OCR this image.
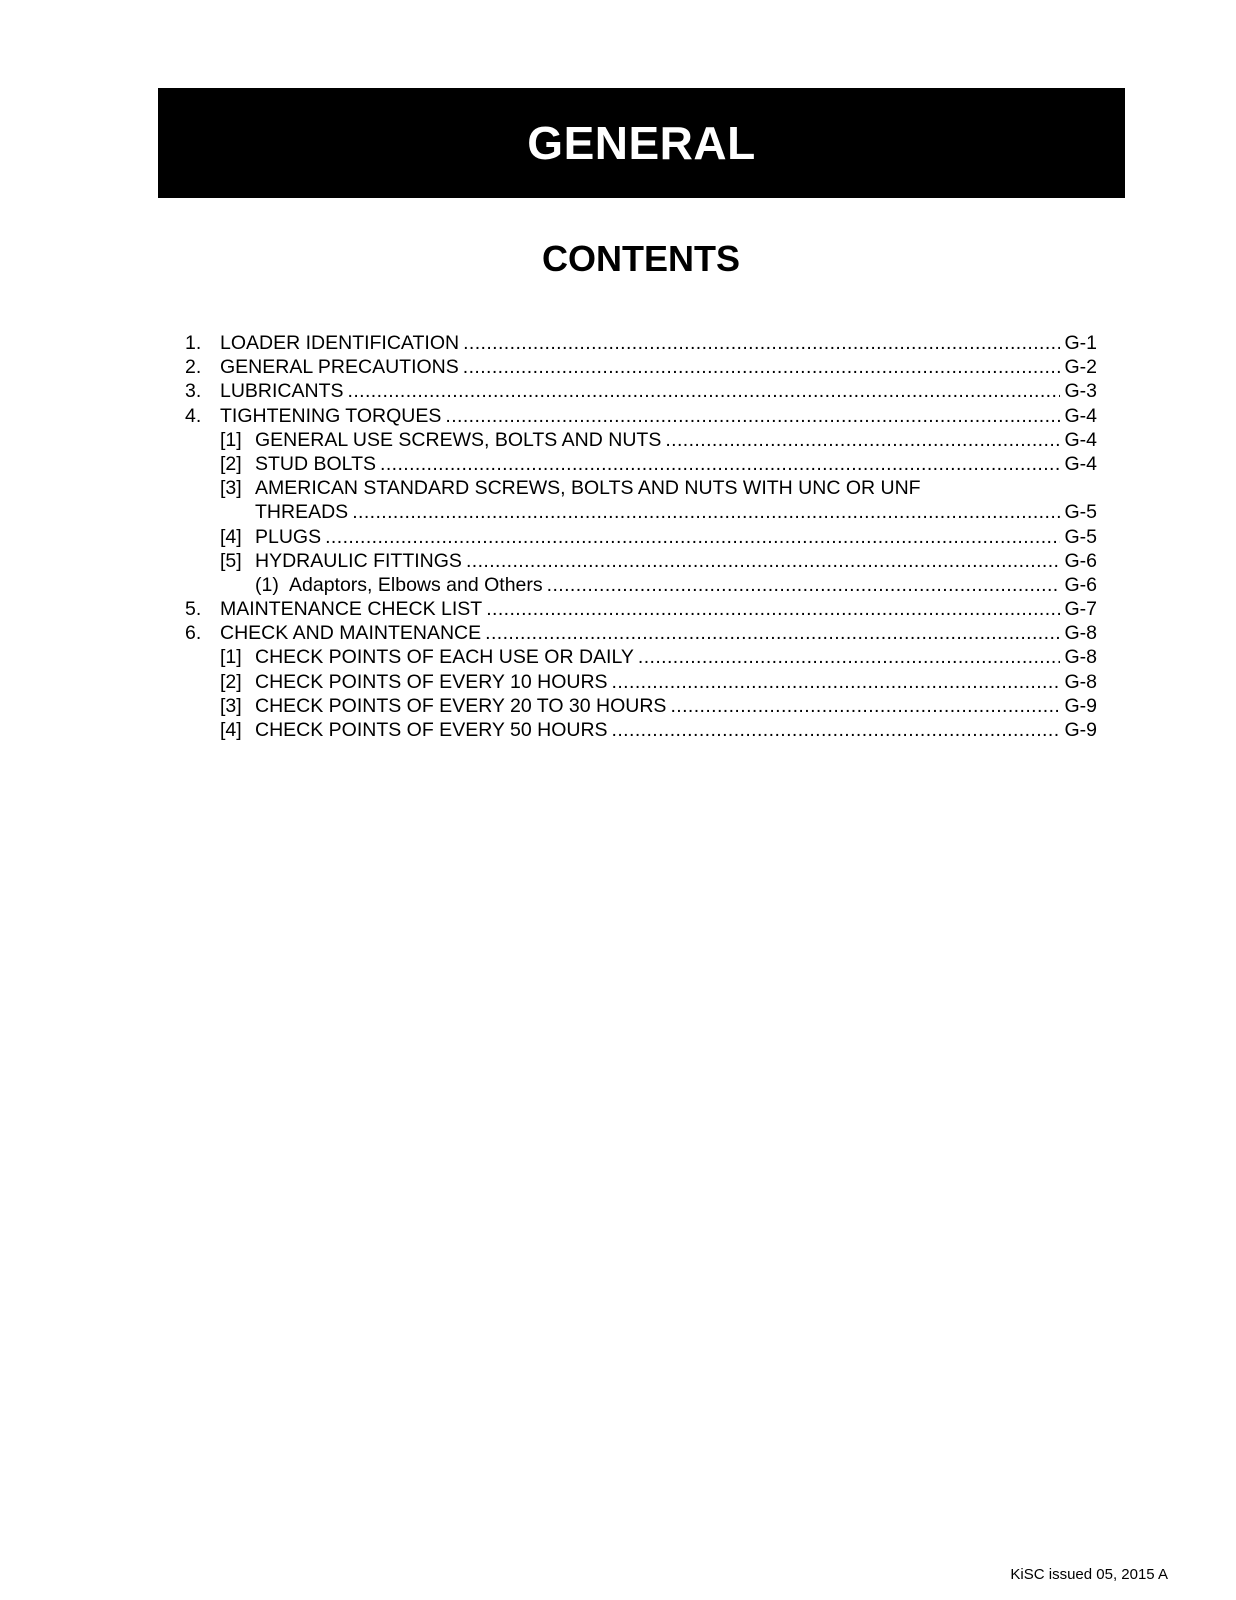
GENERAL
CONTENTS
1. LOADER IDENTIFICATION .....	G-1
2. GENERAL PRECAUTIONS .....	G-2
3. LUBRICANTS .....	G-3
4. TIGHTENING TORQUES .....	G-4
[1] GENERAL USE SCREWS, BOLTS AND NUTS .....	G-4
[2] STUD BOLTS .....	G-4
[3] AMERICAN STANDARD SCREWS, BOLTS AND NUTS WITH UNC OR UNF
THREADS .....	G-5
[4] PLUGS .....	G-5
[5] HYDRAULIC FITTINGS .....	G-6
(1) Adaptors, Elbows and Others .....	G-6
5. MAINTENANCE CHECK LIST .....	G-7
6. CHECK AND MAINTENANCE .....	G-8
[1] CHECK POINTS OF EACH USE OR DAILY .....	G-8
[2] CHECK POINTS OF EVERY 10 HOURS .....	G-8
[3] CHECK POINTS OF EVERY 20 TO 30 HOURS .....	G-9
[4] CHECK POINTS OF EVERY 50 HOURS .....	G-9
KiSC issued 05, 2015 A
